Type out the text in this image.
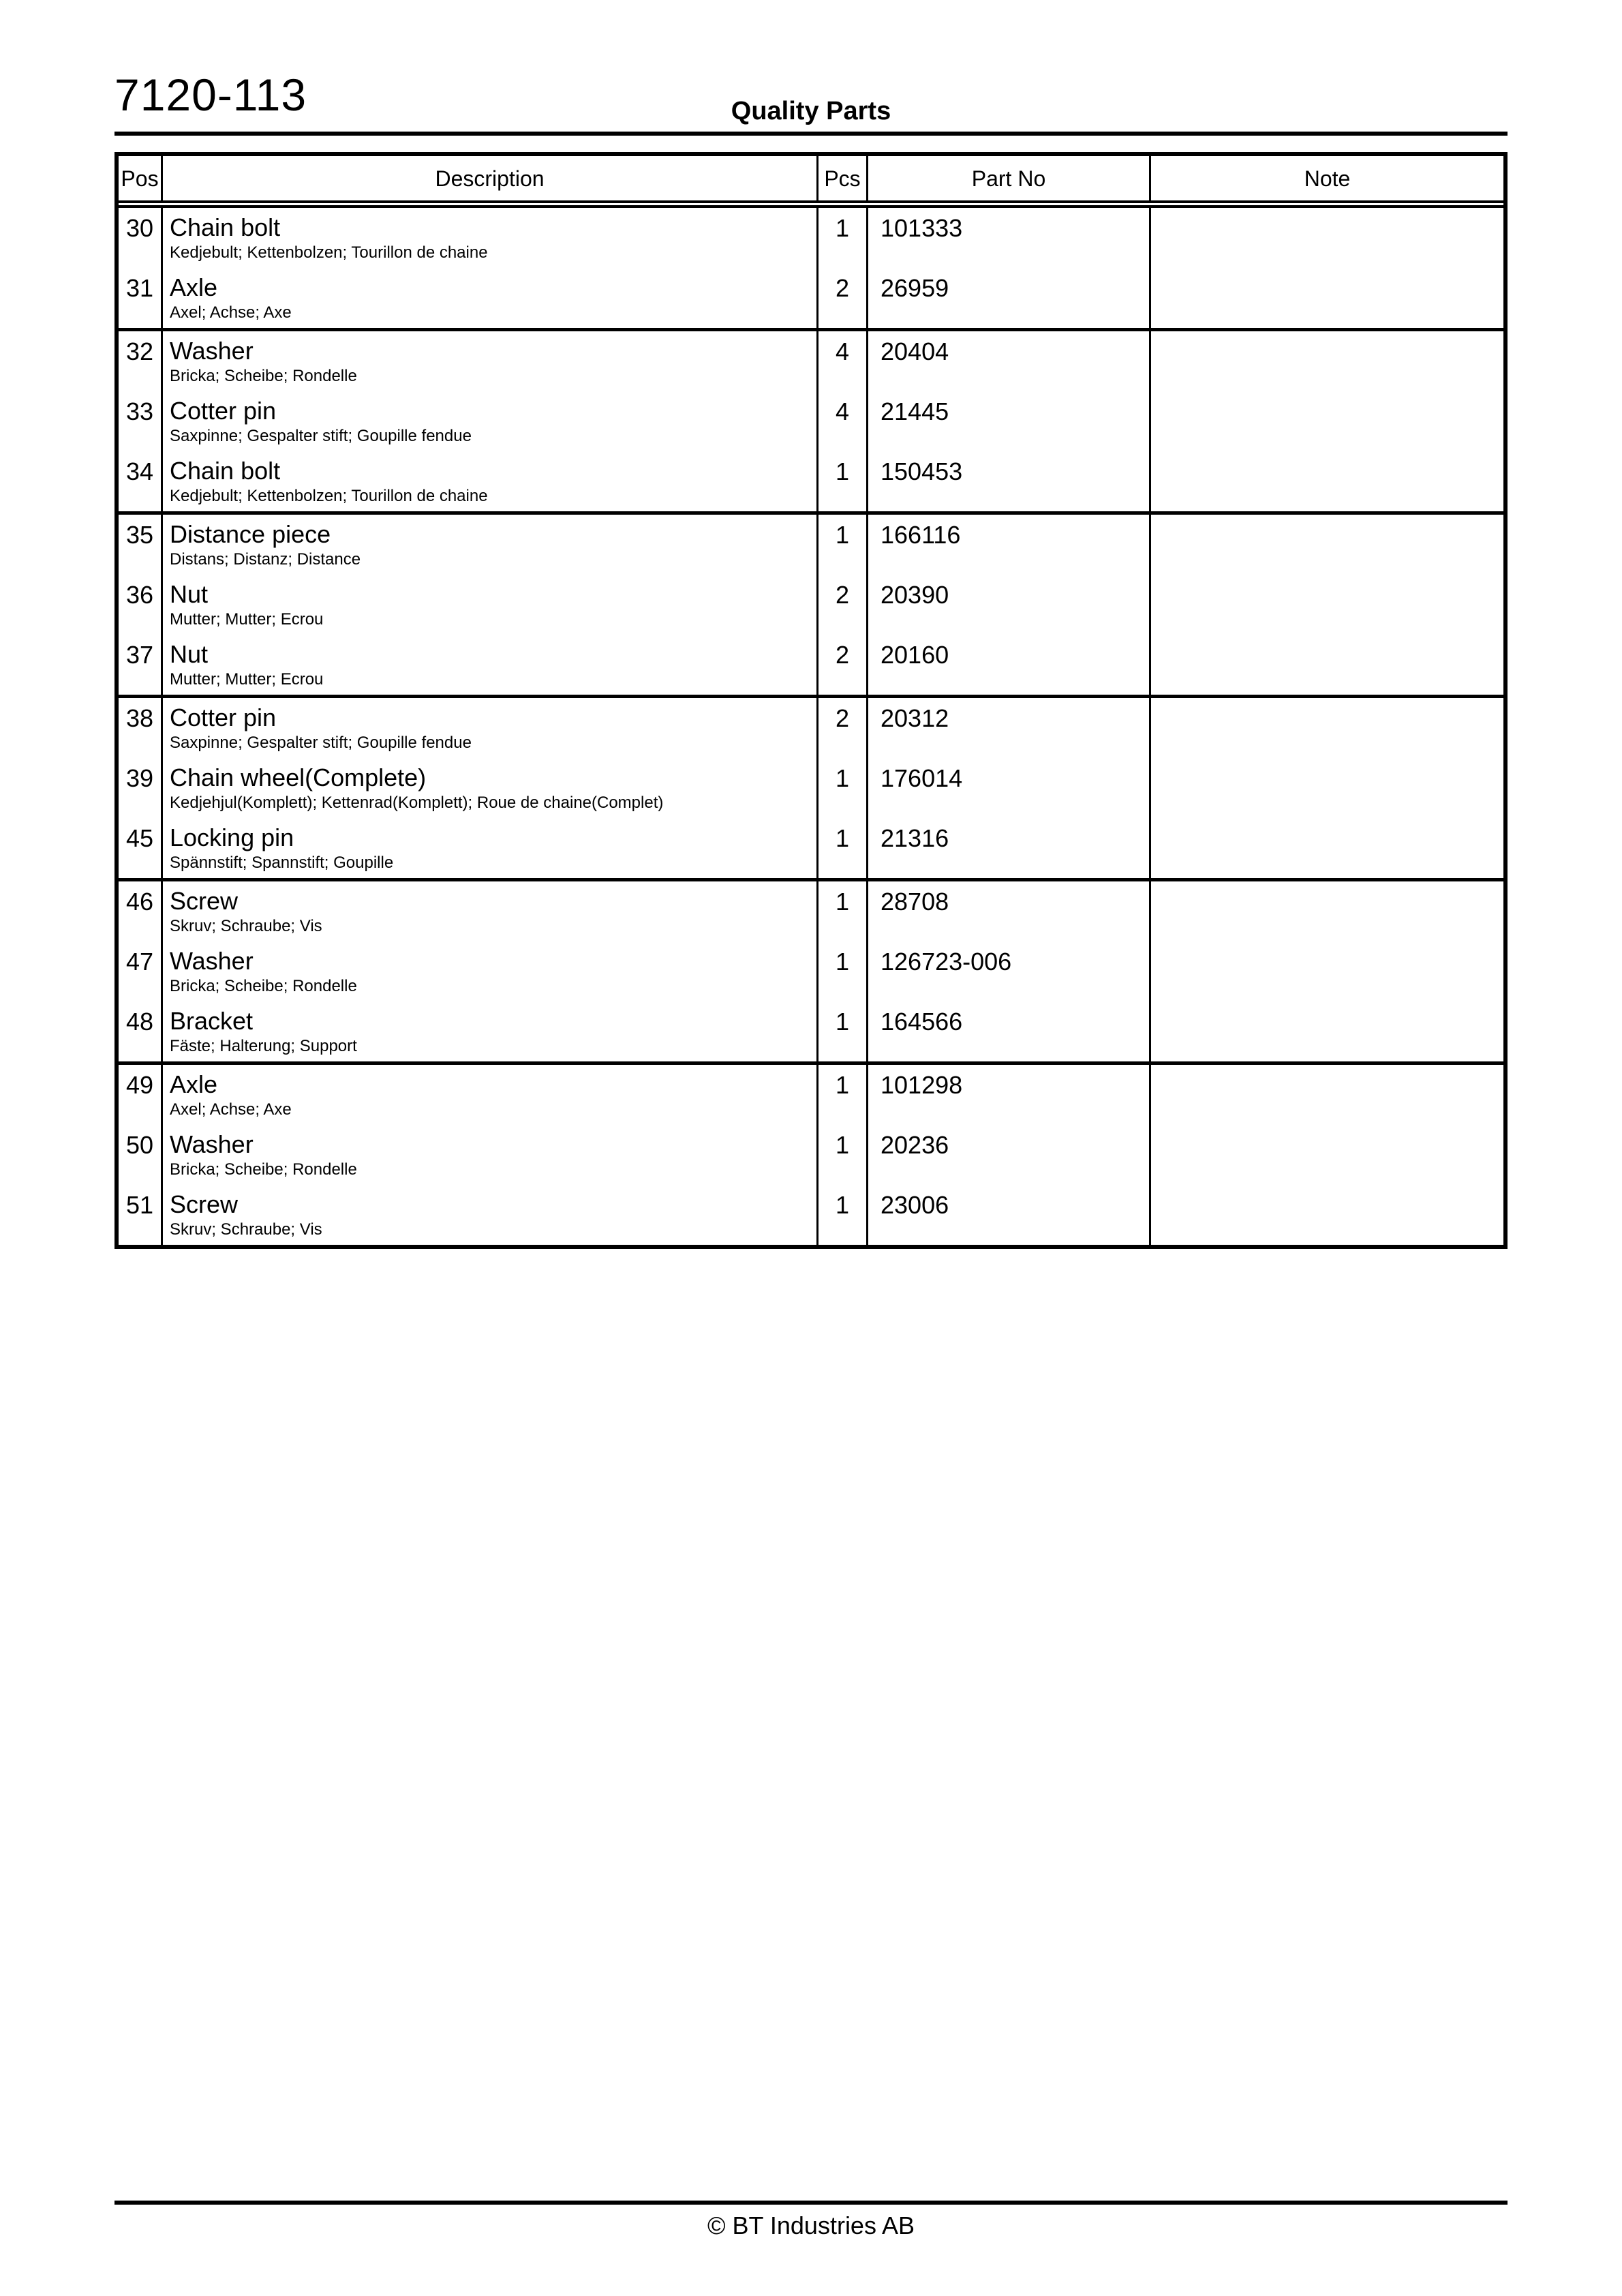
7120-113	Quality Parts
Pos	Description	Pcs	Part No	Note
30 Chain bolt
Kedjebult; Kettenbolzen; Tourillon de chaine
1	101333
31 Axle
Axel; Achse; Axe
2	26959
32 Washer
Bricka; Scheibe; Rondelle
4	20404
33 Cotter pin
Saxpinne; Gespalter stift; Goupille fendue
4	21445
34 Chain bolt
Kedjebult; Kettenbolzen; Tourillon de chaine
1	150453
35 Distance piece
Distans; Distanz; Distance
1	166116
36 Nut
Mutter; Mutter; Ecrou
2	20390
37 Nut
Mutter; Mutter; Ecrou
2	20160
38 Cotter pin
Saxpinne; Gespalter stift; Goupille fendue
2	20312
39 Chain wheel(Complete)
Kedjehjul(Komplett); Kettenrad(Komplett); Roue de chaine(Complet)
1	176014
45 Locking pin
Spännstift; Spannstift; Goupille
1	21316
46 Screw
Skruv; Schraube; Vis
1	28708
47 Washer
Bricka; Scheibe; Rondelle
1	126723-006
48 Bracket
Fäste; Halterung; Support
1	164566
49 Axle
Axel; Achse; Axe
1	101298
50 Washer
Bricka; Scheibe; Rondelle
1	20236
51 Screw
Skruv; Schraube; Vis
1	23006
© BT Industries AB
